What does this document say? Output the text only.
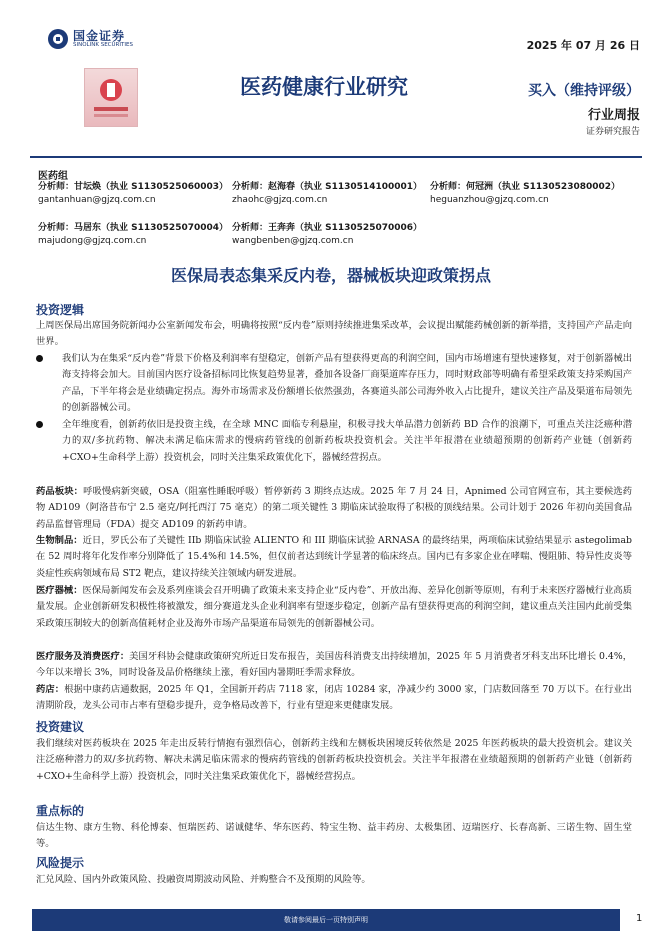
国金证券
SINOLINK SECURITIES	2025 年 07 月 26 日
医药健康行业研究	买入（维持评级）
行业周报
证券研究报告
医药组
分析师：甘坛焕（执业 S1130525060003）
gantanhuan@gjzq.com.cn
分析师：赵海春（执业 S1130514100001）
zhaohc@gjzq.com.cn
分析师：何冠洲（执业 S1130523080002）
heguanzhou@gjzq.com.cn
分析师：马居东（执业 S1130525070004）
majudong@gjzq.com.cn
分析师：王奔奔（执业 S1130525070006）
wangbenben@gjzq.com.cn
医保局表态集采反内卷，器械板块迎政策拐点
投资逻辑
上周医保局出席国务院新闻办公室新闻发布会，明确将按照“反内卷”原则持续推进集采改革，会议提出赋能药械创新的新举措，支持国产产品走向世界。
我们认为在集采“反内卷”背景下价格及利润率有望稳定，创新产品有望获得更高的利润空间，国内市场增速有望快速修复，对于创新器械出海支持将会加大。目前国内医疗设备招标同比恢复趋势显著，叠加各设备厂商渠道库存压力，同时财政部等明确有希望采政策支持采购国产产品，下半年将会是业绩确定拐点。海外市场需求及份额增长依然强劲，各赛道头部公司海外收入占比提升，建议关注产品及渠道布局领先的创新器械公司。
全年维度看，创新药依旧是投资主线，在全球 MNC 面临专利悬崖，积极寻找大单品潜力创新药 BD 合作的浪潮下，可重点关注泛癌种潜力的双/多抗药物、解决未满足临床需求的慢病药管线的创新药板块投资机会。关注半年报潜在业绩超预期的创新药产业链（创新药+CXO+生命科学上游）投资机会，同时关注集采政策优化下，器械经营拐点。
药品板块：呼吸慢病新突破，OSA（阻塞性睡眠呼吸）暂停新药 3 期终点达成。2025 年 7 月 24 日，Apnimed 公司官网宣布，其主要候选药物 AD109（阿洛昔布宁 2.5 毫克/阿托西汀 75 毫克）的第二项关键性 3 期临床试验取得了积极的顶线结果。公司计划于 2026 年初向美国食品药品监督管理局（FDA）提交 AD109 的新药申请。
生物制品：近日，罗氏公布了关键性 IIb 期临床试验 ALIENTO 和 III 期临床试验 ARNASA 的最终结果，两项临床试验结果显示 astegolimab 在 52 周时将年化发作率分别降低了 15.4%和 14.5%，但仅前者达到统计学显著的临床终点。国内已有多家企业在哮喘、慢阻肺、特异性皮炎等炎症性疾病领域布局 ST2 靶点，建议持续关注领域内研发进展。
医疗器械：医保局新闻发布会及系列座谈会召开明确了政策未来支持企业“反内卷”、开放出海、差异化创新等原则，有利于未来医疗器械行业高质量发展。企业创新研发积极性将被激发，细分赛道龙头企业利润率有望逐步稳定，创新产品有望获得更高的利润空间，建议重点关注国内此前受集采政策压制较大的创新高值耗材企业及海外市场产品渠道布局领先的创新器械公司。
医疗服务及消费医疗：美国牙科协会健康政策研究所近日发布报告，美国齿科消费支出持续增加，2025 年 5 月消费者牙科支出环比增长 0.4%，今年以来增长 3%，同时设备及品价格继续上涨，看好国内暑期旺季需求释放。
药店：根据中康药店通数据，2025 年 Q1，全国新开药店 7118 家，闭店 10284 家，净减少约 3000 家，门店数回落至 70 万以下。在行业出清期阶段，龙头公司市占率有望稳步提升，竞争格局改善下，行业有望迎来更健康发展。
投资建议
我们继续对医药板块在 2025 年走出反转行情抱有强烈信心，创新药主线和左侧板块困境反转依然是 2025 年医药板块的最大投资机会。建议关注泛癌种潜力的双/多抗药物、解决未满足临床需求的慢病药管线的创新药板块投资机会。关注半年报潜在业绩超预期的创新药产业链（创新药+CXO+生命科学上游）投资机会，同时关注集采政策优化下，器械经营拐点。
重点标的
信达生物、康方生物、科伦博泰、恒瑞医药、诺诚健华、华东医药、特宝生物、益丰药房、太极集团、迈瑞医疗、长春高新、三诺生物、固生堂等。
风险提示
汇兑风险、国内外政策风险、投融资周期波动风险、并购整合不及预期的风险等。
敬请参阅最后一页特别声明	1
